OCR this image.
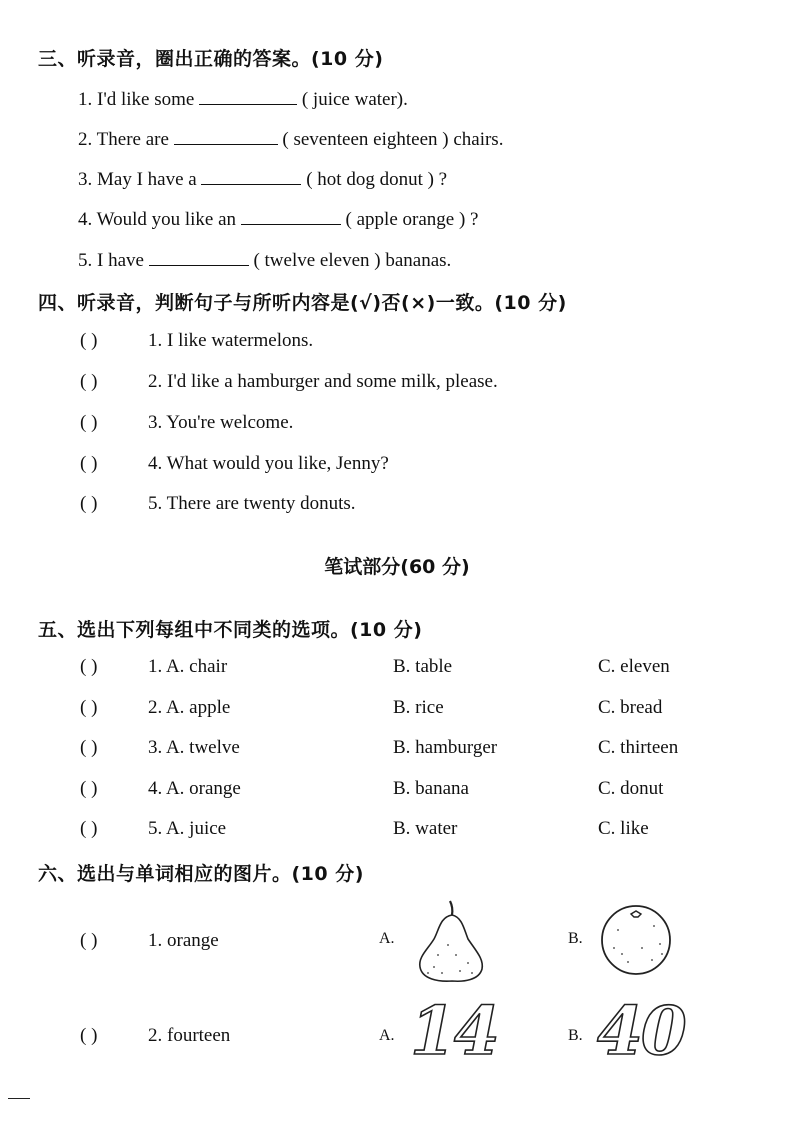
三、听录音，圈出正确的答案。(10 分)
1. I'd like some	( juice water).
2. There are	( seventeen eighteen ) chairs.
3. May I have a	( hot dog donut ) ?
4. Would you like an	( apple orange ) ?
5. I have	( twelve eleven ) bananas.
四、听录音，判断句子与所听内容是(√)否(×)一致。(10 分)
( )	1. I like watermelons.
( )	2. I'd like a hamburger and some milk, please.
( )	3. You're welcome.
( )	4. What would you like, Jenny?
( )	5. There are twenty donuts.
笔试部分(60 分)
五、选出下列每组中不同类的选项。(10 分)
( )	1. A. chair	B. table	C. eleven
( )	2. A. apple	B. rice	C. bread
( )	3. A. twelve	B. hamburger	C. thirteen
( )	4. A. orange	B. banana	C. donut
( )	5. A. juice	B. water	C. like
六、选出与单词相应的图片。(10 分)
( )	1. orange	A.	B.
( )	2. fourteen	A. 14	B. 40
